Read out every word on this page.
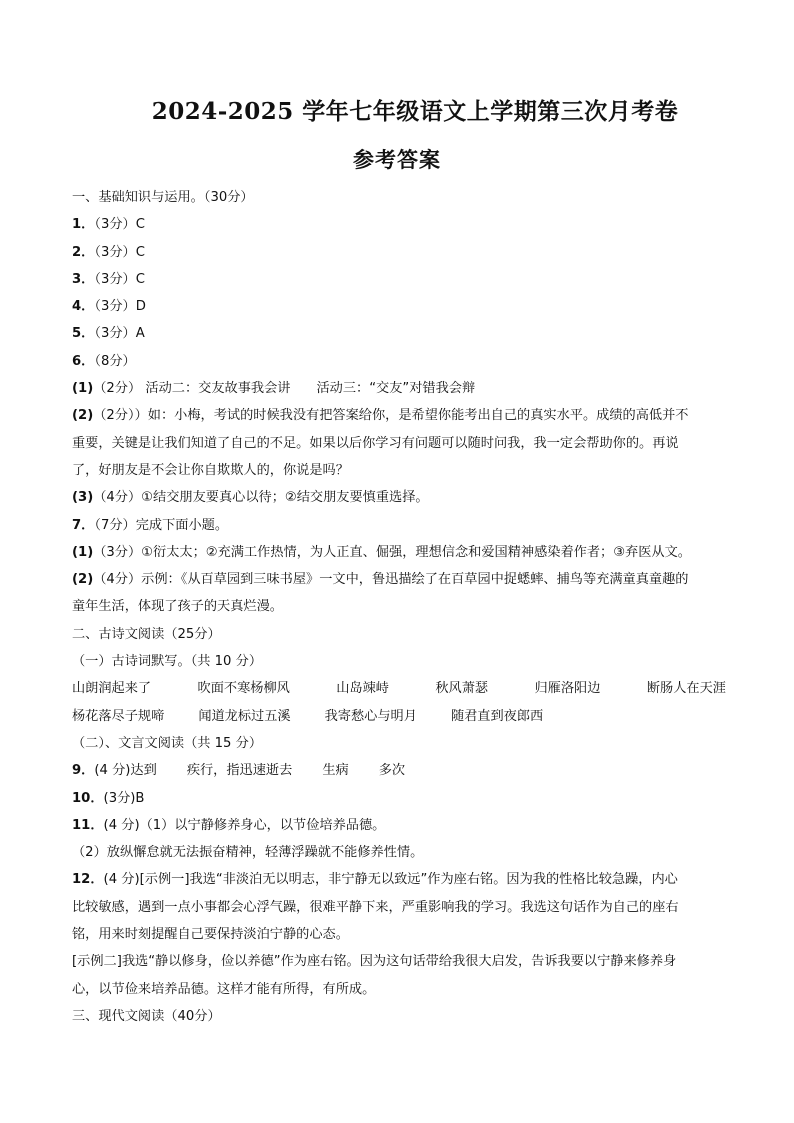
2024-2025 学年七年级语文上学期第三次月考卷
参考答案
一、基础知识与运用。（30分）
1．（3分）C
2．（3分）C
3．（3分）C
4．（3分）D
5．（3分）A
6．（8分）
(1)（2分） 活动二：交友故事我会讲 活动三：“交友”对错我会辩
(2)（2分））如：小梅，考试的时候我没有把答案给你，是希望你能考出自己的真实水平。成绩的高低并不
重要，关键是让我们知道了自己的不足。如果以后你学习有问题可以随时问我，我一定会帮助你的。再说
了，好朋友是不会让你自欺欺人的，你说是吗？
(3)（4分）①结交朋友要真心以待；②结交朋友要慎重选择。
7．（7分）完成下面小题。
(1)（3分）①衍太太；②充满工作热情，为人正直、倔强，理想信念和爱国精神感染着作者；③弃医从文。
(2)（4分）示例：《从百草园到三味书屋》一文中，鲁迅描绘了在百草园中捉蟋蟀、捕鸟等充满童真童趣的
童年生活，体现了孩子的天真烂漫。
二、古诗文阅读（25分）
（一）古诗词默写。（共 10 分）
山朗润起来了	吹面不寒杨柳风	山岛竦峙	秋风萧瑟	归雁洛阳边	断肠人在天涯
杨花落尽子规啼	闻道龙标过五溪	我寄愁心与明月	随君直到夜郎西
（二）、文言文阅读（共 15 分）
9．(4 分)达到 疾行，指迅速逝去 生病 多次
10．(3分)B
11．(4 分)（1）以宁静修养身心，以节俭培养品德。
（2）放纵懈怠就无法振奋精神，轻薄浮躁就不能修养性情。
12．(4 分)[示例一]我选“非淡泊无以明志，非宁静无以致远”作为座右铭。因为我的性格比较急躁，内心
比较敏感，遇到一点小事都会心浮气躁，很难平静下来，严重影响我的学习。我选这句话作为自己的座右
铭，用来时刻提醒自己要保持淡泊宁静的心态。
[示例二]我选“静以修身，俭以养德”作为座右铭。因为这句话带给我很大启发，告诉我要以宁静来修养身
心，以节俭来培养品德。这样才能有所得，有所成。
三、现代文阅读（40分）
